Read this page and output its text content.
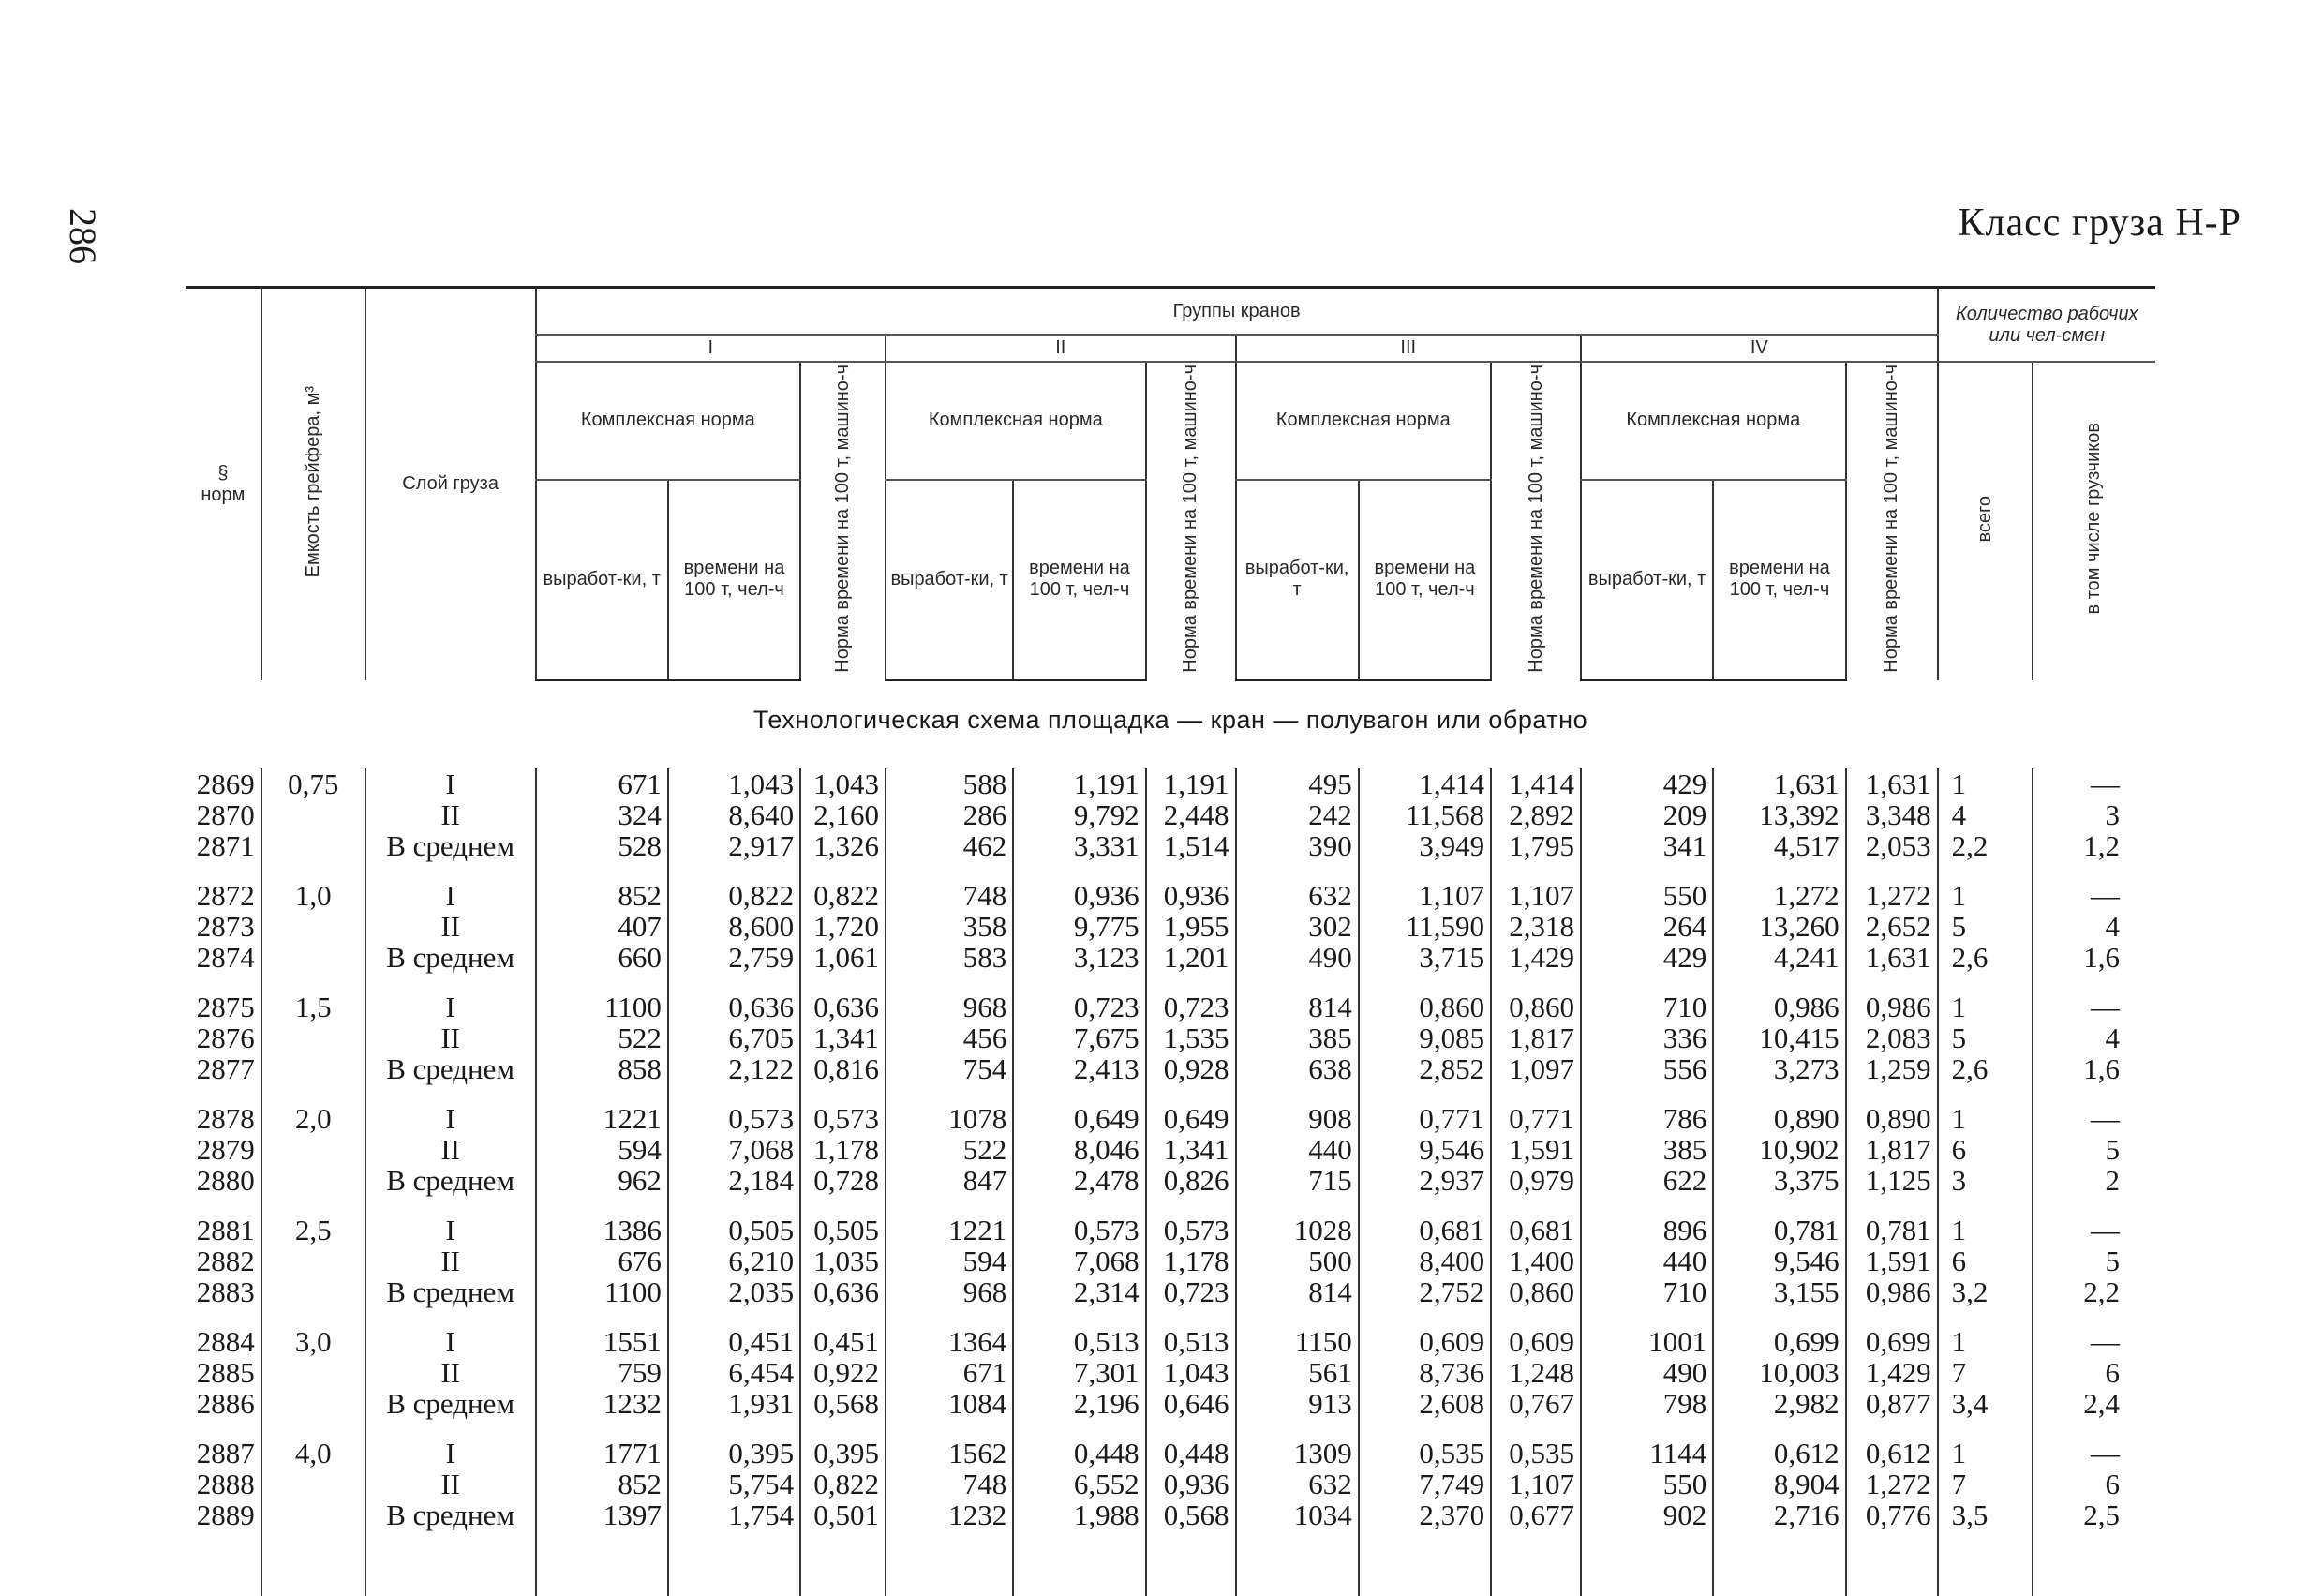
286	Класс груза Н-Р
§
норм	Емкость грейфера, м³	Слой груза	Группы кранов												Количество рабочих или чел-смен	
			I			II			III			IV				
			Комплексная норма		Норма времени на 100 т, машино-ч	Комплексная норма		Норма времени на 100 т, машино-ч	Комплексная норма		Норма времени на 100 т, машино-ч	Комплексная норма		Норма времени на 100 т, машино-ч	всего	в том числе грузчиков
			выработ-ки, т	времени на 100 т, чел-ч		выработ-ки, т	времени на 100 т, чел-ч		выработ-ки, т	времени на 100 т, чел-ч		выработ-ки, т	времени на 100 т, чел-ч			
Технологическая схема площадка — кран — полувагон или обратно																
2869	0,75	I	671	1,043	1,043	588	1,191	1,191	495	1,414	1,414	429	1,631	1,631	1	—
2870		II	324	8,640	2,160	286	9,792	2,448	242	11,568	2,892	209	13,392	3,348	4	3
2871		В среднем	528	2,917	1,326	462	3,331	1,514	390	3,949	1,795	341	4,517	2,053	2,2	1,2
2872	1,0	I	852	0,822	0,822	748	0,936	0,936	632	1,107	1,107	550	1,272	1,272	1	—
2873		II	407	8,600	1,720	358	9,775	1,955	302	11,590	2,318	264	13,260	2,652	5	4
2874		В среднем	660	2,759	1,061	583	3,123	1,201	490	3,715	1,429	429	4,241	1,631	2,6	1,6
2875	1,5	I	1100	0,636	0,636	968	0,723	0,723	814	0,860	0,860	710	0,986	0,986	1	—
2876		II	522	6,705	1,341	456	7,675	1,535	385	9,085	1,817	336	10,415	2,083	5	4
2877		В среднем	858	2,122	0,816	754	2,413	0,928	638	2,852	1,097	556	3,273	1,259	2,6	1,6
2878	2,0	I	1221	0,573	0,573	1078	0,649	0,649	908	0,771	0,771	786	0,890	0,890	1	—
2879		II	594	7,068	1,178	522	8,046	1,341	440	9,546	1,591	385	10,902	1,817	6	5
2880		В среднем	962	2,184	0,728	847	2,478	0,826	715	2,937	0,979	622	3,375	1,125	3	2
2881	2,5	I	1386	0,505	0,505	1221	0,573	0,573	1028	0,681	0,681	896	0,781	0,781	1	—
2882		II	676	6,210	1,035	594	7,068	1,178	500	8,400	1,400	440	9,546	1,591	6	5
2883		В среднем	1100	2,035	0,636	968	2,314	0,723	814	2,752	0,860	710	3,155	0,986	3,2	2,2
2884	3,0	I	1551	0,451	0,451	1364	0,513	0,513	1150	0,609	0,609	1001	0,699	0,699	1	—
2885		II	759	6,454	0,922	671	7,301	1,043	561	8,736	1,248	490	10,003	1,429	7	6
2886		В среднем	1232	1,931	0,568	1084	2,196	0,646	913	2,608	0,767	798	2,982	0,877	3,4	2,4
2887	4,0	I	1771	0,395	0,395	1562	0,448	0,448	1309	0,535	0,535	1144	0,612	0,612	1	—
2888		II	852	5,754	0,822	748	6,552	0,936	632	7,749	1,107	550	8,904	1,272	7	6
2889		В среднем	1397	1,754	0,501	1232	1,988	0,568	1034	2,370	0,677	902	2,716	0,776	3,5	2,5
